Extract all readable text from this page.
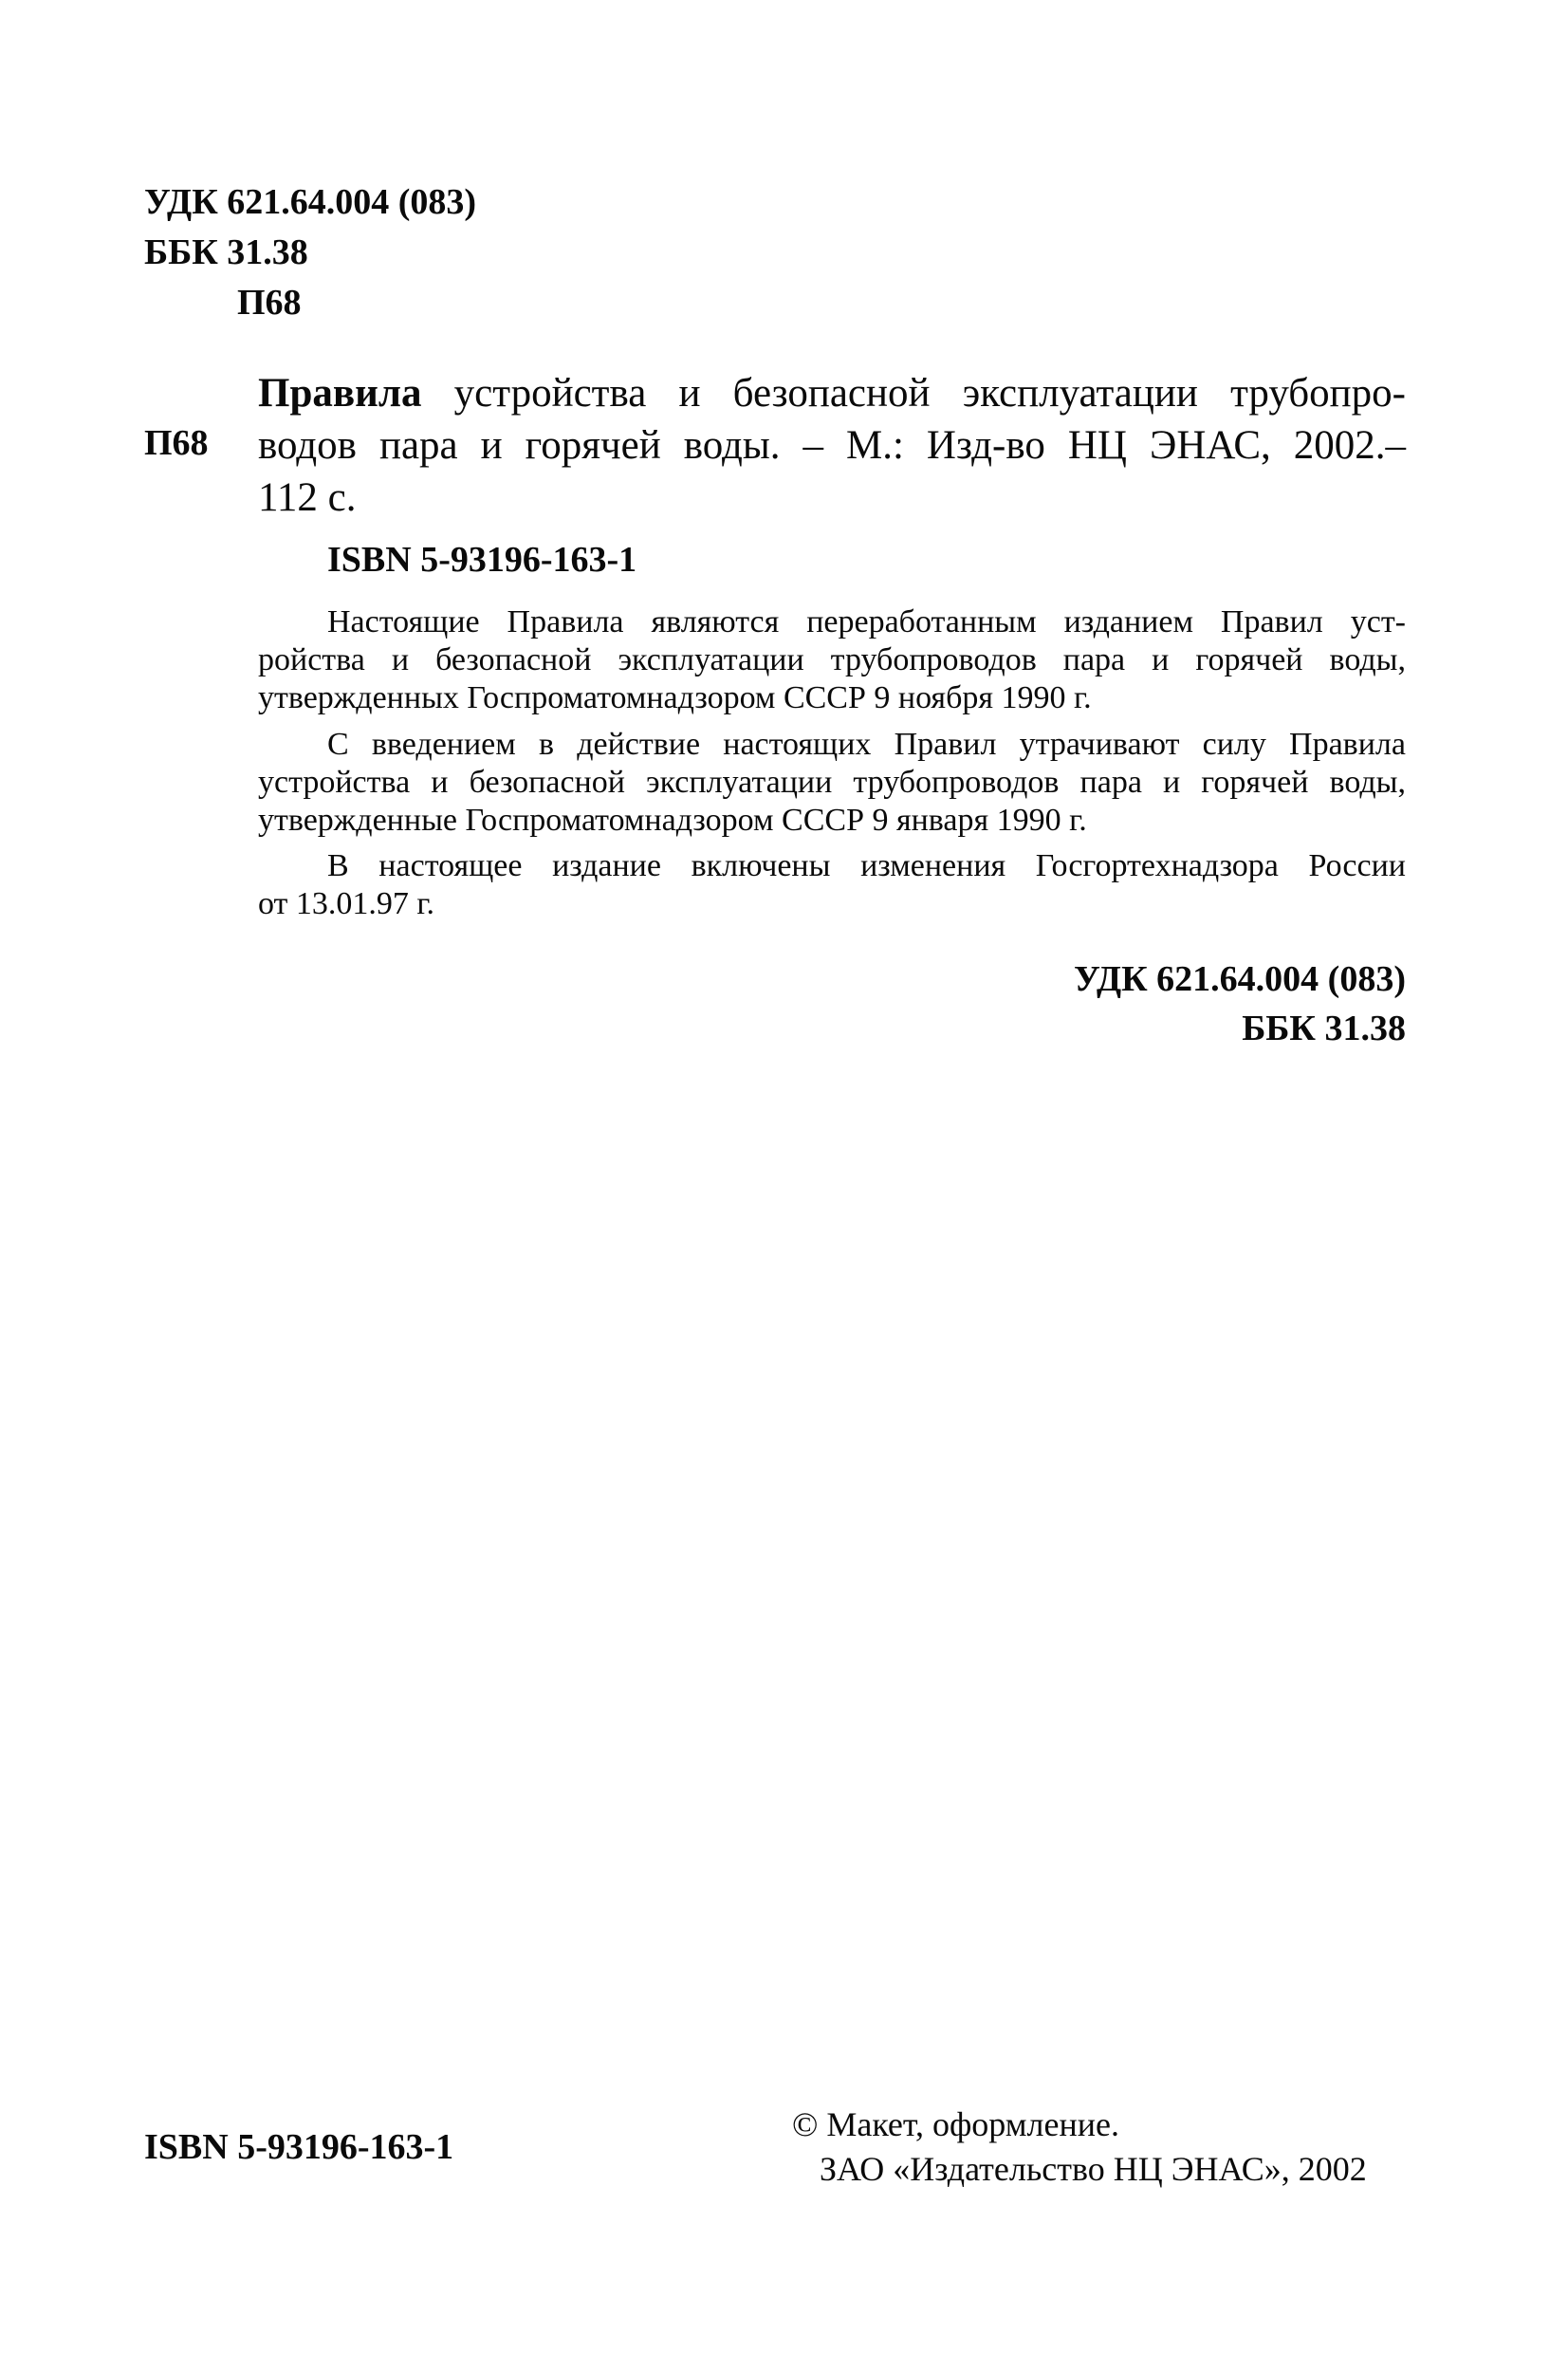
УДК 621.64.004 (083)
ББК 31.38
П68
П68
Правила устройства и безопасной эксплуатации трубопро-
водов пара и горячей воды. – М.: Изд-во НЦ ЭНАС, 2002.–
112 с.
ISBN 5-93196-163-1
Настоящие Правила являются переработанным изданием Правил уст-
ройства и безопасной эксплуатации трубопроводов пара и горячей воды,
утвержденных Госпроматомнадзором СССР 9 ноября 1990 г.
С введением в действие настоящих Правил утрачивают силу Правила
устройства и безопасной эксплуатации трубопроводов пара и горячей воды,
утвержденные Госпроматомнадзором СССР 9 января 1990 г.
В настоящее издание включены изменения Госгортехнадзора России
от 13.01.97 г.
УДК 621.64.004 (083)
ББК 31.38
ISBN 5-93196-163-1
© Макет, оформление.
ЗАО «Издательство НЦ ЭНАС», 2002
